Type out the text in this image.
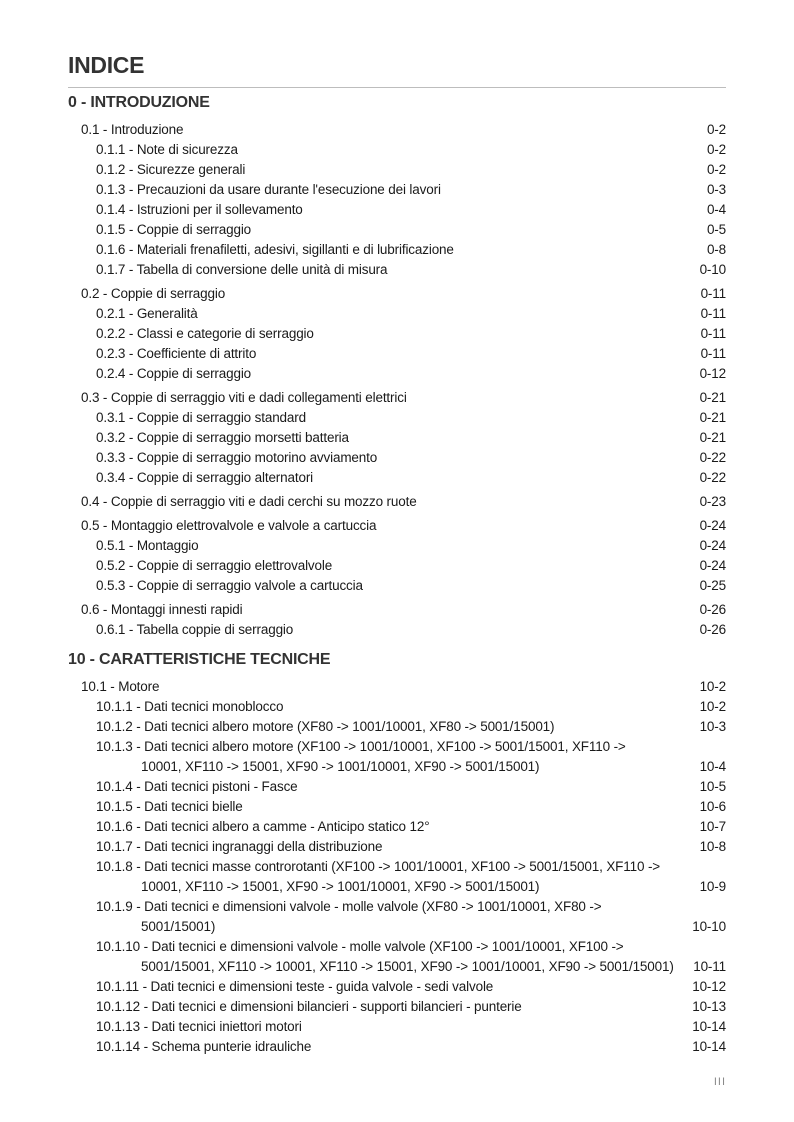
INDICE
0 - INTRODUZIONE
0.1 - Introduzione	0-2
0.1.1 - Note di sicurezza	0-2
0.1.2 - Sicurezze generali	0-2
0.1.3 - Precauzioni da usare durante l'esecuzione dei lavori	0-3
0.1.4 - Istruzioni per il sollevamento	0-4
0.1.5 - Coppie di serraggio	0-5
0.1.6 - Materiali frenafiletti, adesivi, sigillanti e di lubrificazione	0-8
0.1.7 - Tabella di conversione delle unità di misura	0-10
0.2 - Coppie di serraggio	0-11
0.2.1 - Generalità	0-11
0.2.2 - Classi e categorie di serraggio	0-11
0.2.3 - Coefficiente di attrito	0-11
0.2.4 - Coppie di serraggio	0-12
0.3 - Coppie di serraggio viti e dadi collegamenti elettrici	0-21
0.3.1 - Coppie di serraggio standard	0-21
0.3.2 - Coppie di serraggio morsetti batteria	0-21
0.3.3 - Coppie di serraggio motorino avviamento	0-22
0.3.4 - Coppie di serraggio alternatori	0-22
0.4 - Coppie di serraggio viti e dadi cerchi su mozzo ruote	0-23
0.5 - Montaggio elettrovalvole e valvole a cartuccia	0-24
0.5.1 - Montaggio	0-24
0.5.2 - Coppie di serraggio elettrovalvole	0-24
0.5.3 - Coppie di serraggio valvole a cartuccia	0-25
0.6 - Montaggi innesti rapidi	0-26
0.6.1 - Tabella coppie di serraggio	0-26
10 - CARATTERISTICHE TECNICHE
10.1 - Motore	10-2
10.1.1 - Dati tecnici monoblocco	10-2
10.1.2 - Dati tecnici albero motore (XF80 -> 1001/10001, XF80 -> 5001/15001)	10-3
10.1.3 - Dati tecnici albero motore (XF100 -> 1001/10001, XF100 -> 5001/15001, XF110 ->
10001, XF110 -> 15001, XF90 -> 1001/10001, XF90 -> 5001/15001)	10-4
10.1.4 - Dati tecnici pistoni - Fasce	10-5
10.1.5 - Dati tecnici bielle	10-6
10.1.6 - Dati tecnici albero a camme - Anticipo statico 12°	10-7
10.1.7 - Dati tecnici ingranaggi della distribuzione	10-8
10.1.8 - Dati tecnici masse controrotanti (XF100 -> 1001/10001, XF100 -> 5001/15001, XF110 ->
10001, XF110 -> 15001, XF90 -> 1001/10001, XF90 -> 5001/15001)	10-9
10.1.9 - Dati tecnici e dimensioni valvole - molle valvole (XF80 -> 1001/10001, XF80 ->
5001/15001)	10-10
10.1.10 - Dati tecnici e dimensioni valvole - molle valvole (XF100 -> 1001/10001, XF100 ->
5001/15001, XF110 -> 10001, XF110 -> 15001, XF90 -> 1001/10001, XF90 -> 5001/15001) 10-11
10.1.11 - Dati tecnici e dimensioni teste - guida valvole - sedi valvole	10-12
10.1.12 - Dati tecnici e dimensioni bilancieri - supporti bilancieri - punterie	10-13
10.1.13 - Dati tecnici iniettori motori	10-14
10.1.14 - Schema punterie idrauliche	10-14
III
